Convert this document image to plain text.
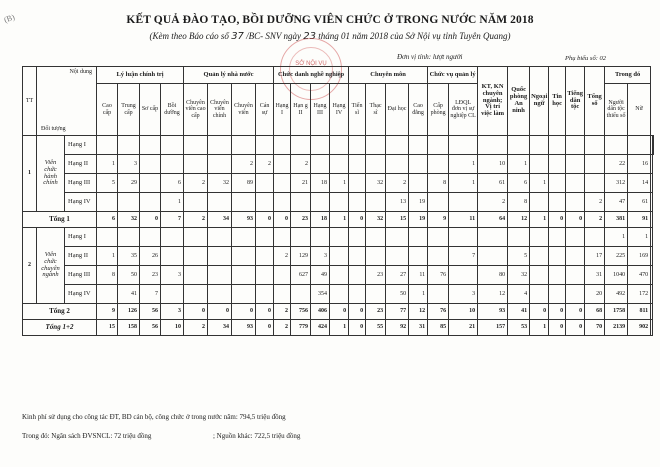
(B)	KẾT QUẢ ĐÀO TẠO, BỒI DƯỠNG VIÊN CHỨC Ở TRONG NƯỚC NĂM 2018
(Kèm theo Báo cáo số 37 /BC- SNV ngày 23 tháng 01 năm 2018 của Sở Nội vụ tỉnh Tuyên Quang)
SỞ NỘI VỤ
Đơn vị tính: lượt người	Phụ biểu số: 02
TT	Nội dung
Đối tượng		Lý luận chính trị				Quản lý nhà nước				Chức danh nghề nghiệp				Chuyên môn				Chức vụ quản lý		KT, KN chuyên ngành; Vị trí việc làm	Quốc phòng An ninh	Ngoại ngữ	Tin học	Tiếng dân tộc	Tổng số	Trong đó			
			Cao cấp	Trung cấp	Sơ cấp	Bồi dưỡng	Chuyên viên cao cấp	Chuyên viên chính	Chuyên viên	Cán sự	Hạng I	Hạn g II	Hạng III	Hạng IV	Tiến sĩ	Thạc sĩ	Đại học	Cao đẳng	Cấp phòng	LĐQL đơn vị sự nghiệp CL							Người dân tộc thiểu số	Nữ		
1	Viên chức hành chính	Hạng I																												
		Hạng II	1	3					2	2		2								1	10	1					22	16	
		Hạng III	5	29		6	2	32	89			21	18	1		32	2		8	1	61	6	1				312	14	
		Hạng IV				1											13	19			2	8				2	47	61	
Tổng 1			6	32	0	7	2	34	93	0	0	23	18	1	0	32	15	19	9	11	64	12	1	0	0	2	381	91	
2	Viên chức chuyên ngành	Hạng I																									1	1		
		Hạng II	1	35	26						2	129	3							7		5				17	225	169	
		Hạng III	8	50	23	3						627	49			23	27	11	76		80	32				31	1040	470	
		Hạng IV		41	7								354				50	1		3	12	4				20	492	172	
Tổng 2			9	126	56	3	0	0	0	0	2	756	406	0	0	23	77	12	76	10	93	41	0	0	0	68	1758	811	
Tổng 1+2			15	158	56	10	2	34	93	0	2	779	424	1	0	55	92	31	85	21	157	53	1	0	0	70	2139	902	
Kinh phí sử dụng cho công tác ĐT, BD cán bộ, công chức ở trong nước năm: 794,5 triệu đồng
Trong đó: Ngân sách ĐVSNCL: 72 triệu đồng	; Nguồn khác: 722,5 triệu đồng
